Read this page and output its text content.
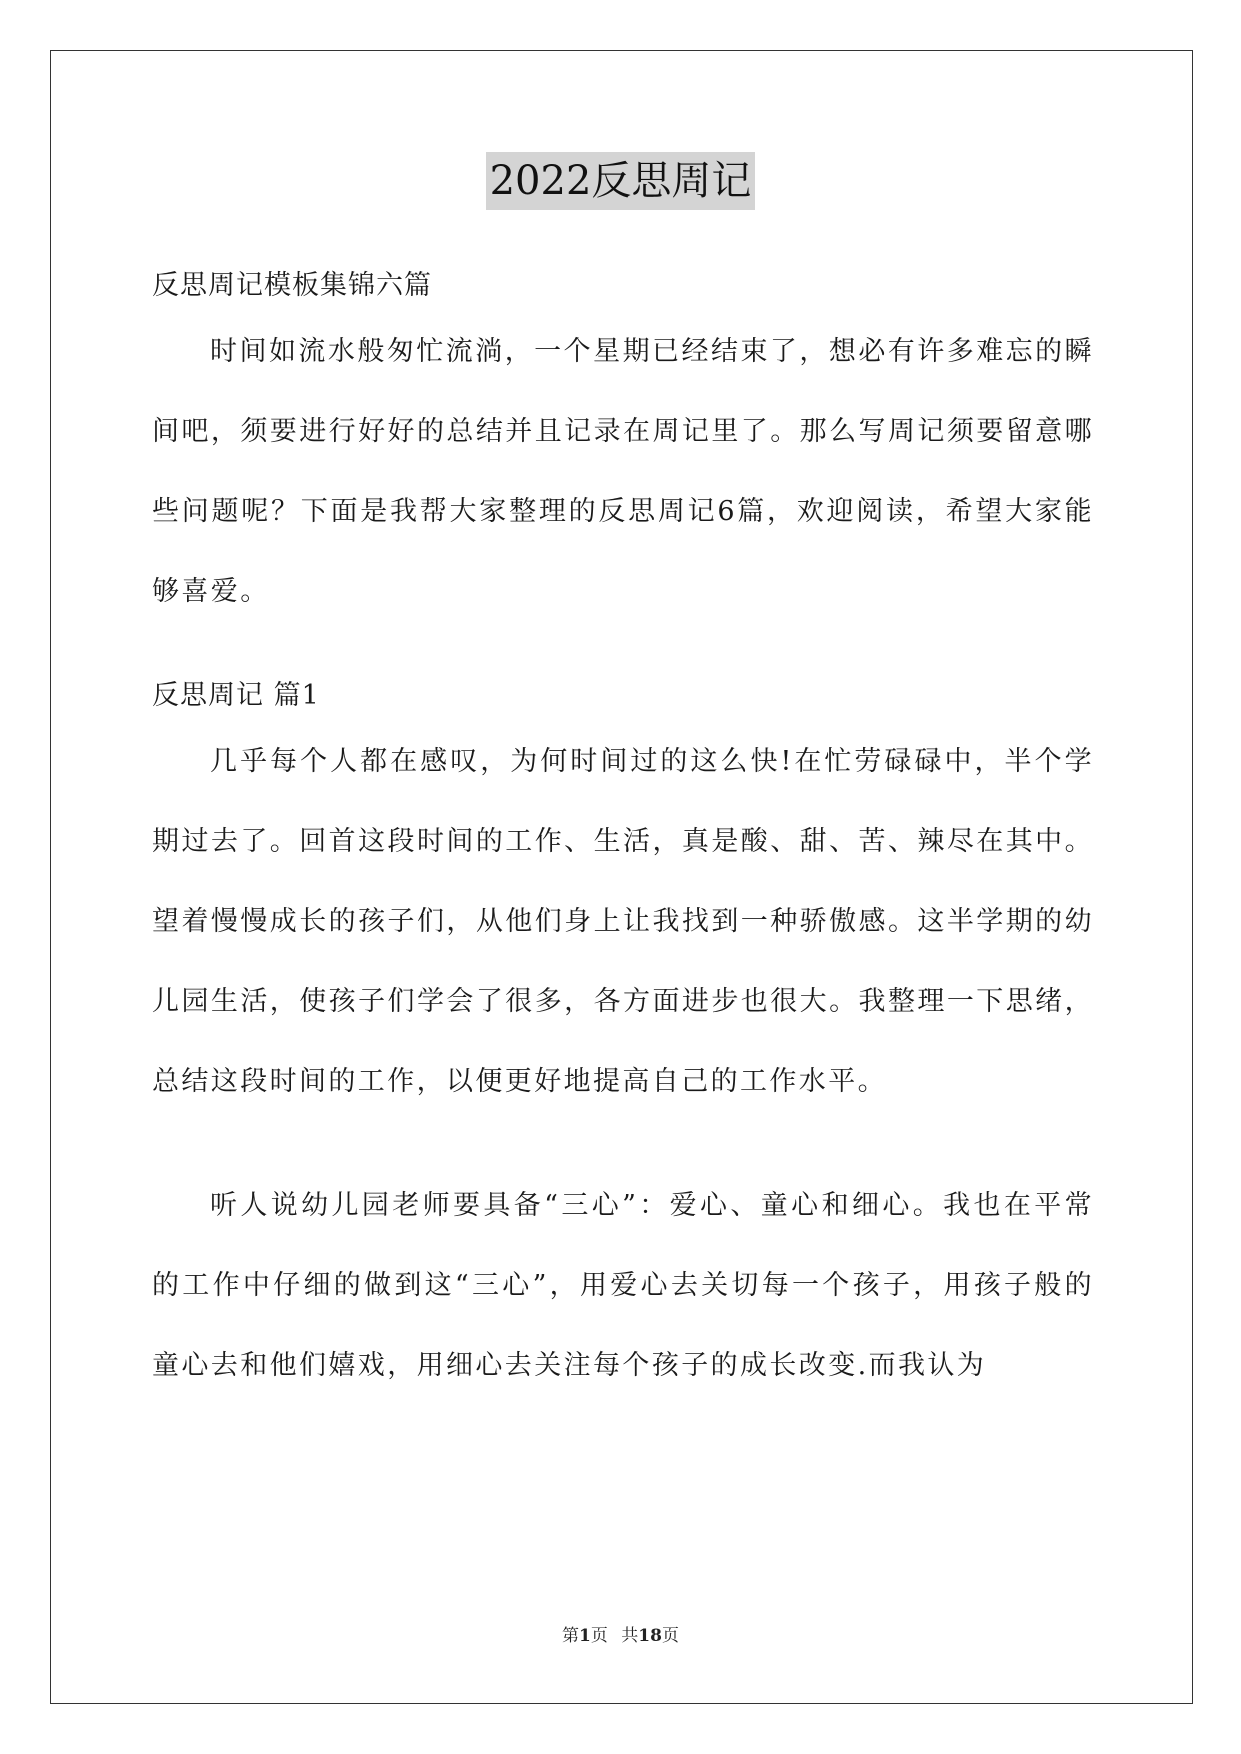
2022反思周记
反思周记模板集锦六篇
时间如流水般匆忙流淌，一个星期已经结束了，想必有许多难忘的瞬间吧，须要进行好好的总结并且记录在周记里了。那么写周记须要留意哪些问题呢？下面是我帮大家整理的反思周记6篇，欢迎阅读，希望大家能够喜爱。
反思周记 篇1
几乎每个人都在感叹，为何时间过的这么快!在忙劳碌碌中，半个学期过去了。回首这段时间的工作、生活，真是酸、甜、苦、辣尽在其中。望着慢慢成长的孩子们，从他们身上让我找到一种骄傲感。这半学期的幼儿园生活，使孩子们学会了很多，各方面进步也很大。我整理一下思绪，总结这段时间的工作，以便更好地提高自己的工作水平。
听人说幼儿园老师要具备“三心”：爱心、童心和细心。我也在平常的工作中仔细的做到这“三心”，用爱心去关切每一个孩子，用孩子般的童心去和他们嬉戏，用细心去关注每个孩子的成长改变.而我认为
第1页 共18页
